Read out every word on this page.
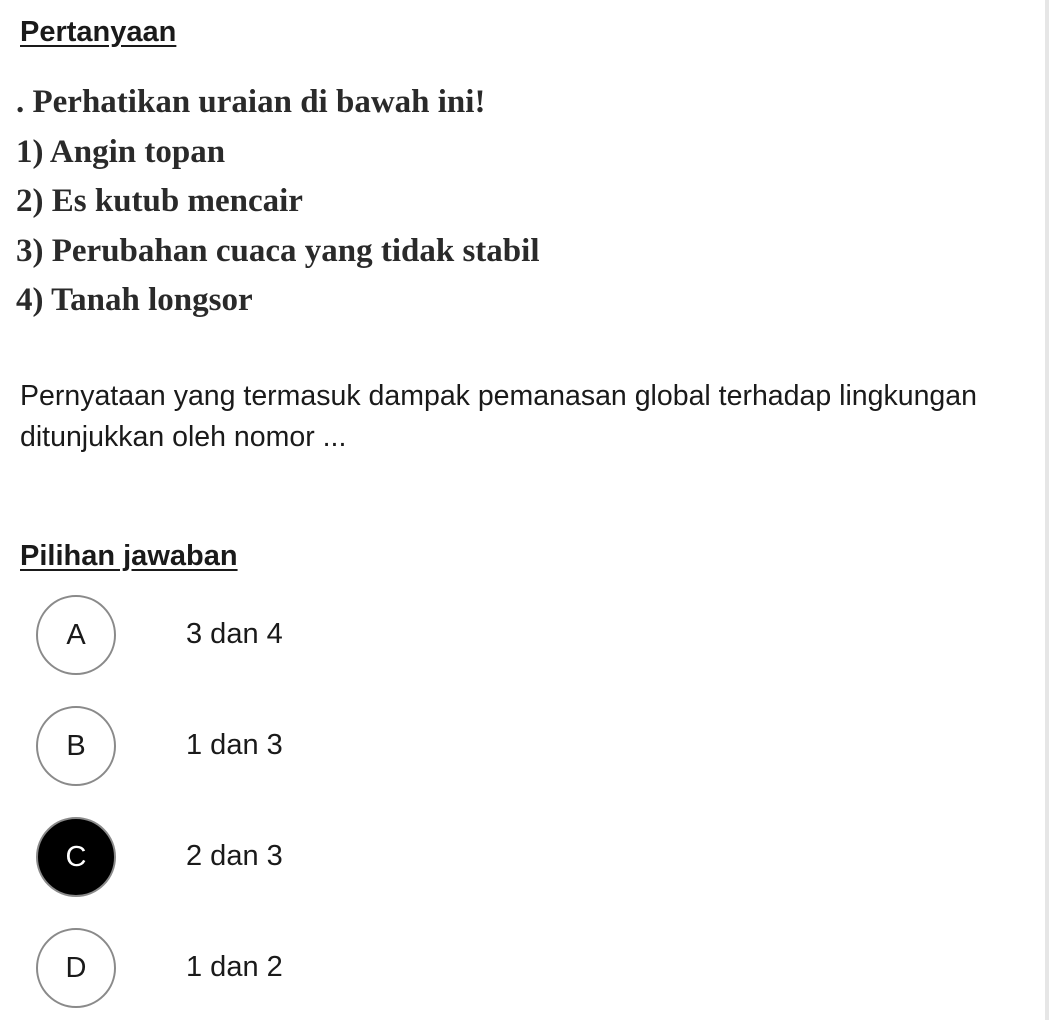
Pertanyaan
. Perhatikan uraian di bawah ini!
1) Angin topan
2) Es kutub mencair
3) Perubahan cuaca yang tidak stabil
4) Tanah longsor

Pernyataan yang termasuk dampak pemanasan global terhadap lingkungan ditunjukkan oleh nomor ...

Pilihan jawaban
A	3 dan 4
B	1 dan 3
C	2 dan 3
D	1 dan 2
